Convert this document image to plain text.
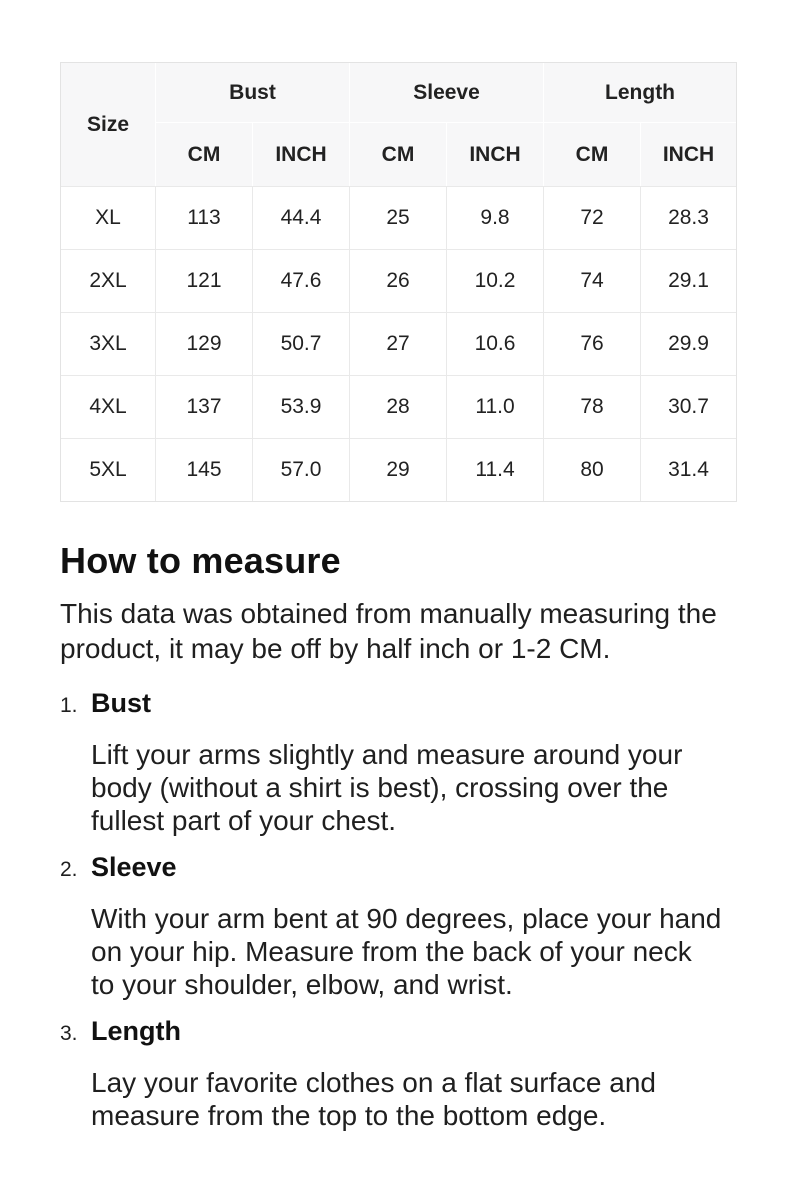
Size	Bust		Sleeve		Length	
	CM	INCH	CM	INCH	CM	INCH
XL	113	44.4	25	9.8	72	28.3
2XL	121	47.6	26	10.2	74	29.1
3XL	129	50.7	27	10.6	76	29.9
4XL	137	53.9	28	11.0	78	30.7
5XL	145	57.0	29	11.4	80	31.4
How to measure
This data was obtained from manually measuring the
product, it may be off by half inch or 1-2 CM.
1. Bust
Lift your arms slightly and measure around your
body (without a shirt is best), crossing over the
fullest part of your chest.
2. Sleeve
With your arm bent at 90 degrees, place your hand
on your hip. Measure from the back of your neck
to your shoulder, elbow, and wrist.
3. Length
Lay your favorite clothes on a flat surface and
measure from the top to the bottom edge.
